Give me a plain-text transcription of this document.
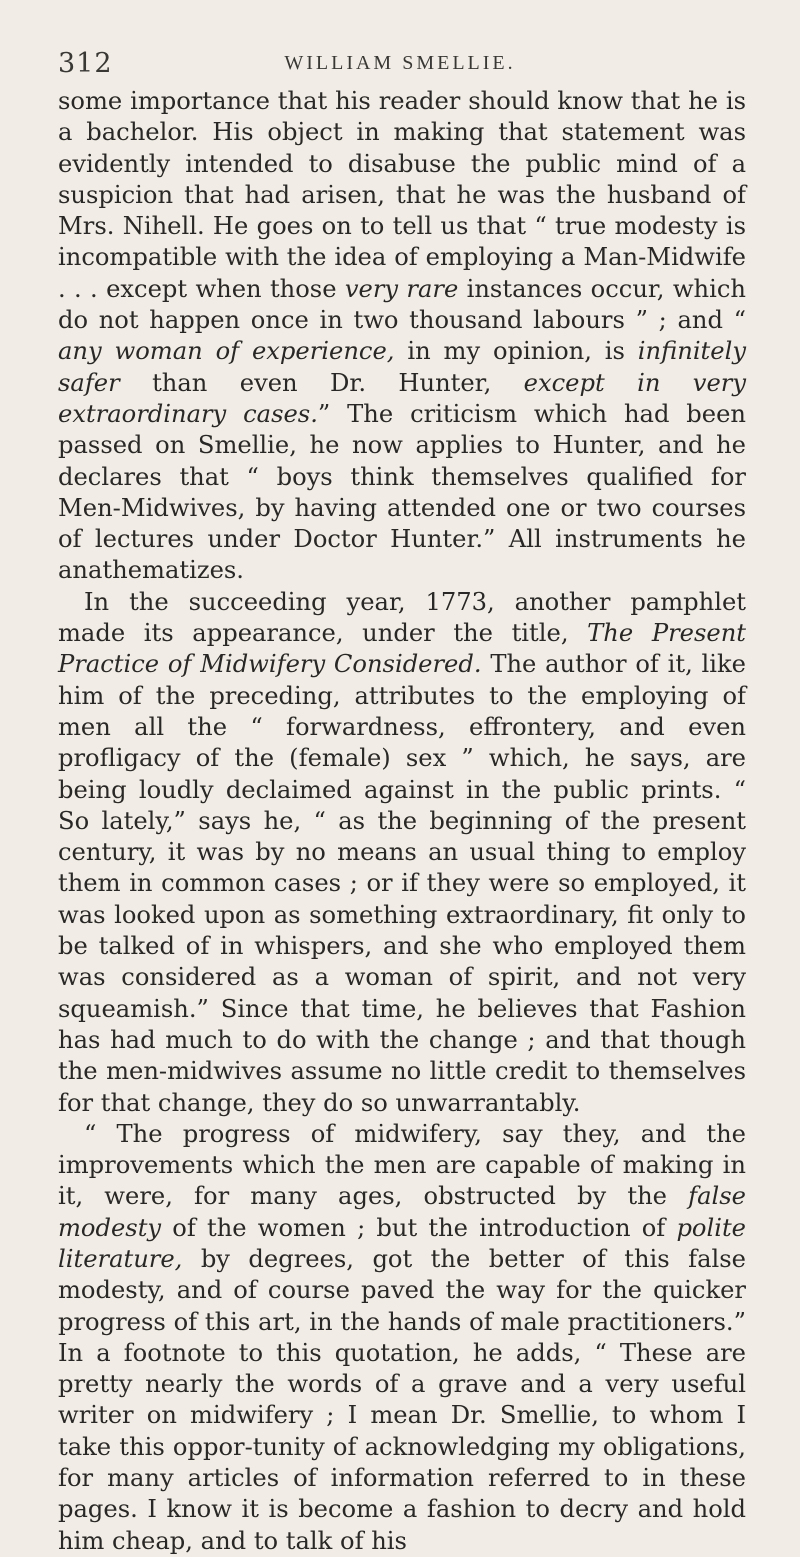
312	WILLIAM SMELLIE.

some importance that his reader should know that he is a bachelor. His object in making that statement was evidently intended to disabuse the public mind of a suspicion that had arisen, that he was the husband of Mrs. Nihell. He goes on to tell us that “ true modesty is incompatible with the idea of employing a Man-Midwife . . . except when those very rare instances occur, which do not happen once in two thousand labours ” ; and “ any woman of experience, in my opinion, is infinitely safer than even Dr. Hunter, except in very extraordinary cases.” The criticism which had been passed on Smellie, he now applies to Hunter, and he declares that “ boys think themselves qualified for Men-Midwives, by having attended one or two courses of lectures under Doctor Hunter.” All instruments he anathematizes.

In the succeeding year, 1773, another pamphlet made its appearance, under the title, The Present Practice of Midwifery Considered. The author of it, like him of the preceding, attributes to the employing of men all the “ forwardness, effrontery, and even profligacy of the (female) sex ” which, he says, are being loudly declaimed against in the public prints. “ So lately,” says he, “ as the beginning of the present century, it was by no means an usual thing to employ them in common cases ; or if they were so employed, it was looked upon as something extraordinary, fit only to be talked of in whispers, and she who employed them was considered as a woman of spirit, and not very squeamish.” Since that time, he believes that Fashion has had much to do with the change ; and that though the men-midwives assume no little credit to themselves for that change, they do so unwarrantably.

“ The progress of midwifery, say they, and the improvements which the men are capable of making in it, were, for many ages, obstructed by the false modesty of the women ; but the introduction of polite literature, by degrees, got the better of this false modesty, and of course paved the way for the quicker progress of this art, in the hands of male practitioners.” In a footnote to this quotation, he adds, “ These are pretty nearly the words of a grave and a very useful writer on midwifery ; I mean Dr. Smellie, to whom I take this oppor-tunity of acknowledging my obligations, for many articles of information referred to in these pages. I know it is become a fashion to decry and hold him cheap, and to talk of his
